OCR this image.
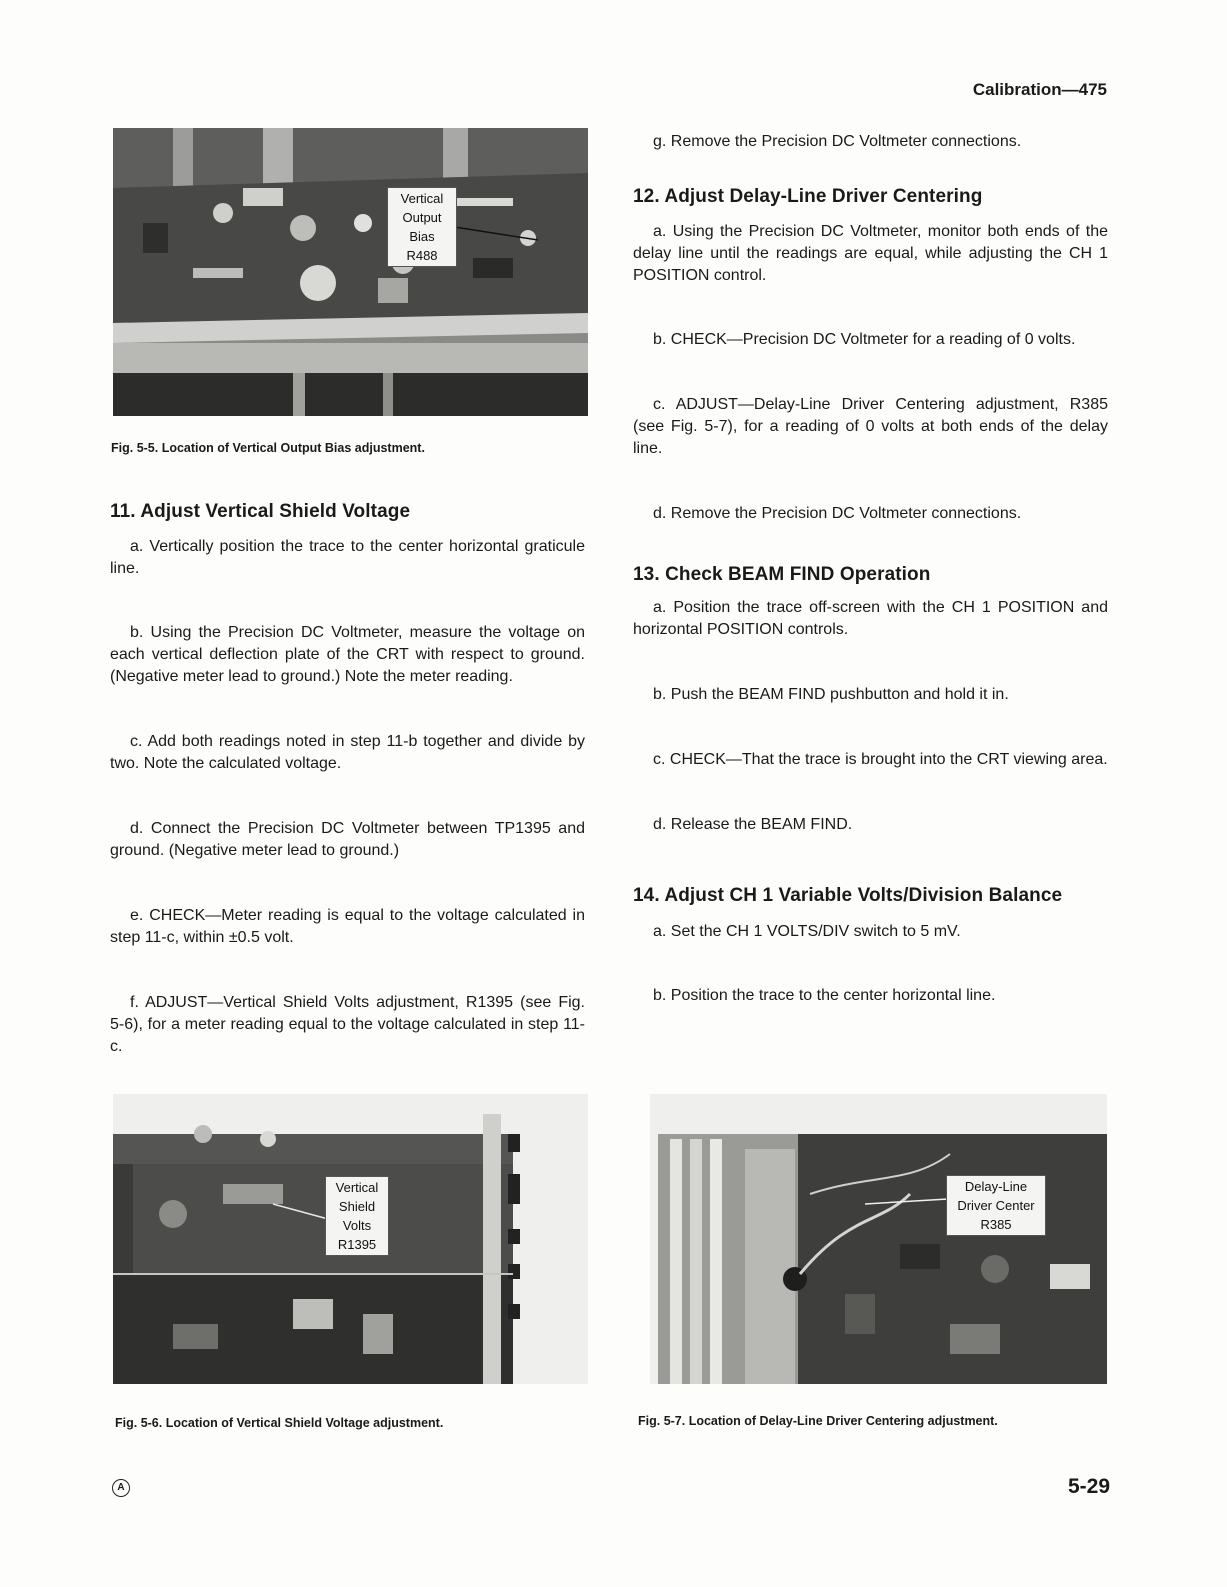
Calibration—475
Vertical
Output
Bias
R488
Fig. 5-5. Location of Vertical Output Bias adjustment.
11. Adjust Vertical Shield Voltage

a. Vertically position the trace to the center horizontal graticule line.

b. Using the Precision DC Voltmeter, measure the voltage on each vertical deflection plate of the CRT with respect to ground. (Negative meter lead to ground.) Note the meter reading.

c. Add both readings noted in step 11-b together and divide by two. Note the calculated voltage.

d. Connect the Precision DC Voltmeter between TP1395 and ground. (Negative meter lead to ground.)

e. CHECK—Meter reading is equal to the voltage calculated in step 11-c, within ±0.5 volt.

f. ADJUST—Vertical Shield Volts adjustment, R1395 (see Fig. 5-6), for a meter reading equal to the voltage calculated in step 11-c.

Vertical
Shield
Volts
R1395
Fig. 5-6. Location of Vertical Shield Voltage adjustment.

g. Remove the Precision DC Voltmeter connections.

12. Adjust Delay-Line Driver Centering

a. Using the Precision DC Voltmeter, monitor both ends of the delay line until the readings are equal, while adjusting the CH 1 POSITION control.

b. CHECK—Precision DC Voltmeter for a reading of 0 volts.

c. ADJUST—Delay-Line Driver Centering adjustment, R385 (see Fig. 5-7), for a reading of 0 volts at both ends of the delay line.

d. Remove the Precision DC Voltmeter connections.

13. Check BEAM FIND Operation

a. Position the trace off-screen with the CH 1 POSITION and horizontal POSITION controls.

b. Push the BEAM FIND pushbutton and hold it in.

c. CHECK—That the trace is brought into the CRT viewing area.

d. Release the BEAM FIND.

14. Adjust CH 1 Variable Volts/Division Balance

a. Set the CH 1 VOLTS/DIV switch to 5 mV.

b. Position the trace to the center horizontal line.

Delay-Line
Driver Center
R385
Fig. 5-7. Location of Delay-Line Driver Centering adjustment.
A	5-29
